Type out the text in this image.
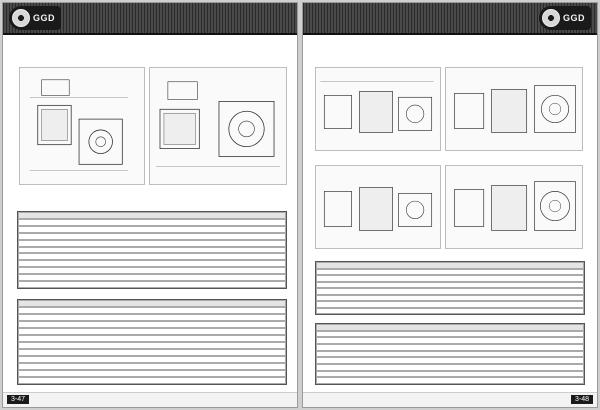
GGD
3-47
GGD
3-48
